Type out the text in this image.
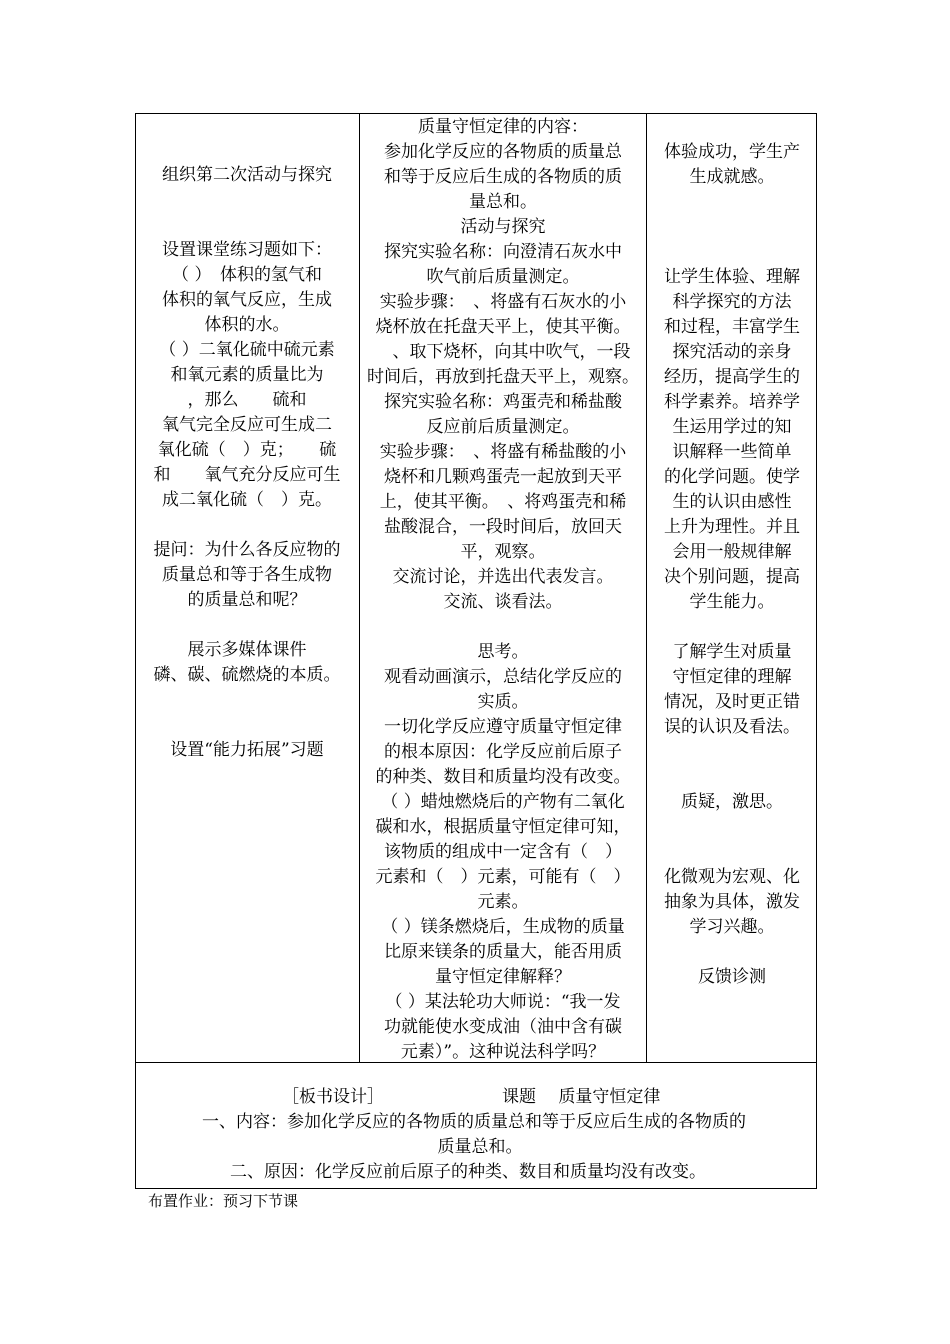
组织第二次活动与探究

设置课堂练习题如下：

（ ）　体积的氢气和

体积的氧气反应，生成

体积的水。

（ ）二氧化硫中硫元素

和氧元素的质量比为

，那么　　硫和

氧气完全反应可生成二

氧化硫（　）克；　　硫

和　　氧气充分反应可生

成二氧化硫（　）克。

提问：为什么各反应物的

质量总和等于各生成物

的质量总和呢？

展示多媒体课件

磷、碳、硫燃烧的本质。

设置“能力拓展”习题

质量守恒定律的内容：

参加化学反应的各物质的质量总

和等于反应后生成的各物质的质

量总和。

活动与探究

探究实验名称：向澄清石灰水中

吹气前后质量测定。

实验步骤：　、将盛有石灰水的小

烧杯放在托盘天平上，使其平衡。

　、取下烧杯，向其中吹气，一段

时间后，再放到托盘天平上，观察。

探究实验名称：鸡蛋壳和稀盐酸

反应前后质量测定。

实验步骤：　、将盛有稀盐酸的小

烧杯和几颗鸡蛋壳一起放到天平

上，使其平衡。　、将鸡蛋壳和稀

盐酸混合，一段时间后，放回天

平，观察。

交流讨论，并选出代表发言。

交流、谈看法。

思考。

观看动画演示，总结化学反应的

实质。

一切化学反应遵守质量守恒定律

的根本原因：化学反应前后原子

的种类、数目和质量均没有改变。

（ ）蜡烛燃烧后的产物有二氧化

碳和水，根据质量守恒定律可知，

该物质的组成中一定含有（　）

元素和（　）元素，可能有（　）

元素。

（ ）镁条燃烧后，生成物的质量

比原来镁条的质量大，能否用质

量守恒定律解释？

（ ）某法轮功大师说：“我一发

功就能使水变成油（油中含有碳

元素）”。这种说法科学吗？

体验成功，学生产

生成就感。

让学生体验、理解

科学探究的方法

和过程，丰富学生

探究活动的亲身

经历，提高学生的

科学素养。培养学

生运用学过的知

识解释一些简单

的化学问题。使学

生的认识由感性

上升为理性。并且

会用一般规律解

决个别问题，提高

学生能力。

了解学生对质量

守恒定律的理解

情况，及时更正错

误的认识及看法。

质疑，激思。

化微观为宏观、化

抽象为具体，激发

学习兴趣。

反馈诊测

［板书设计］	课题　 质量守恒定律
一、内容：参加化学反应的各物质的质量总和等于反应后生成的各物质的
质量总和。
二、原因：化学反应前后原子的种类、数目和质量均没有改变。
布置作业：预习下节课
